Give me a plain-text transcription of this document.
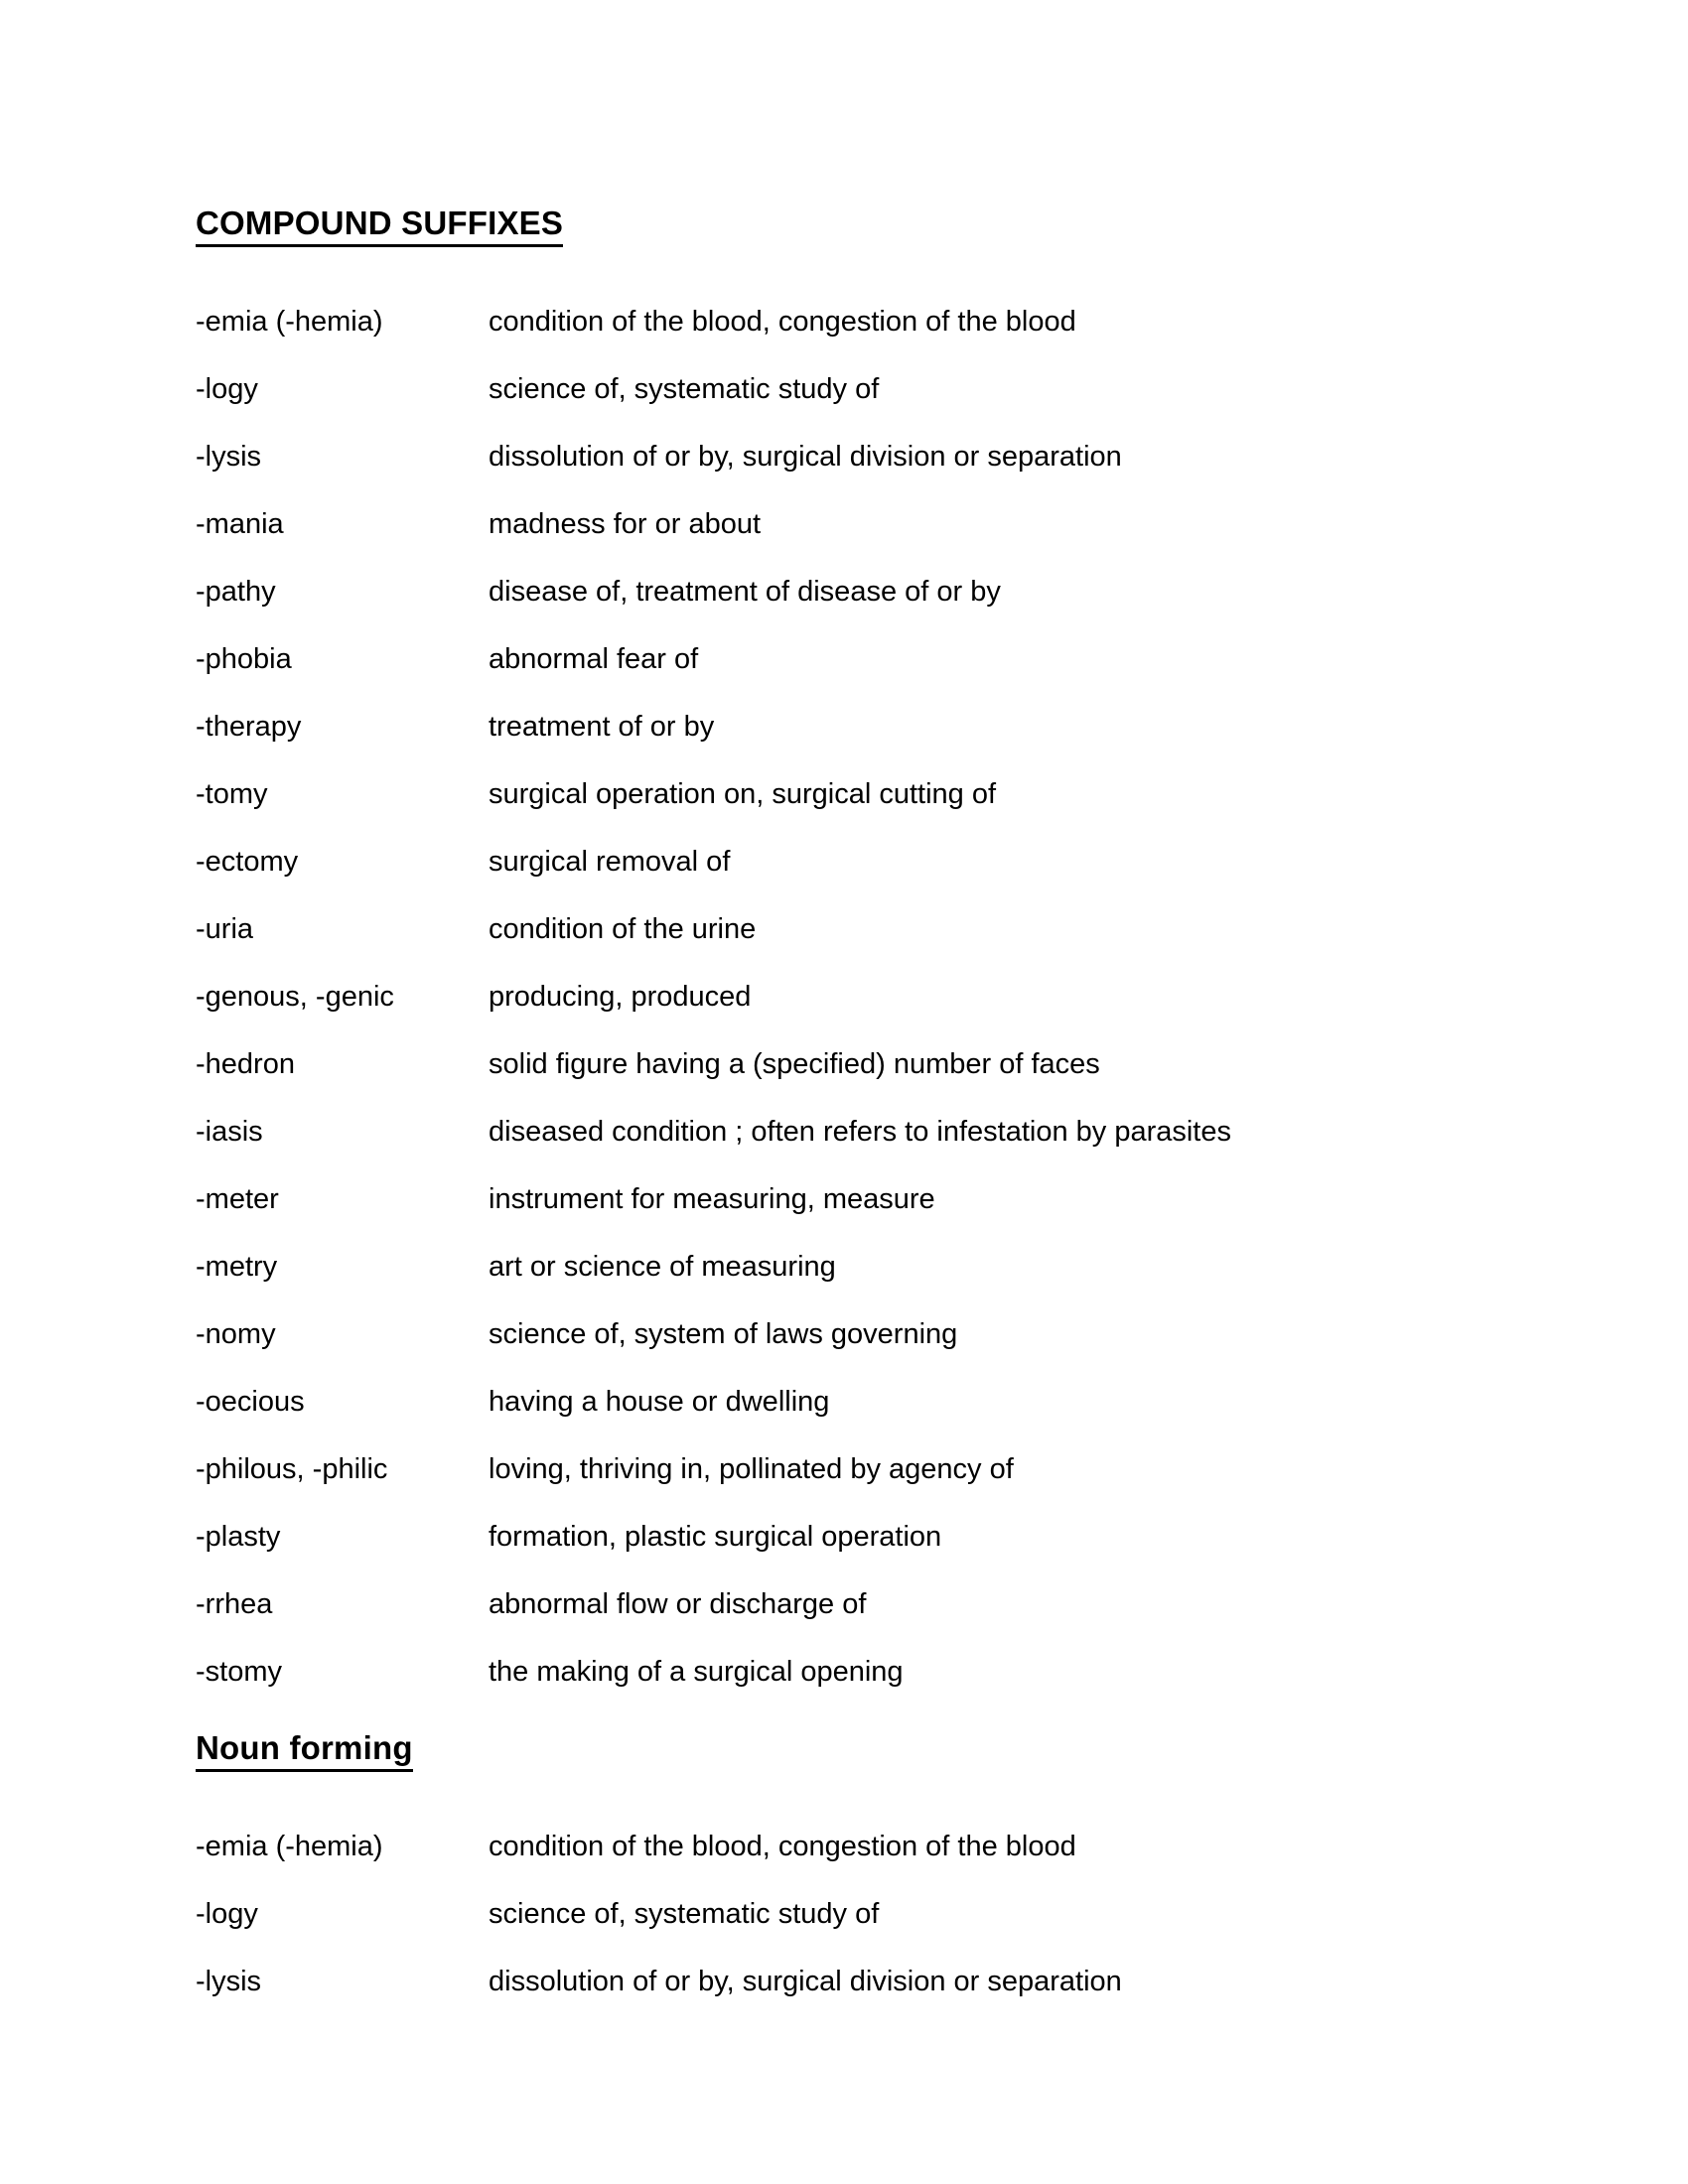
COMPOUND SUFFIXES
-emia (-hemia)	condition of the blood, congestion of the blood
-logy	science of, systematic study of
-lysis	dissolution of or by, surgical division or separation
-mania	madness for or about
-pathy	disease of, treatment of disease of or by
-phobia	abnormal fear of
-therapy	treatment of or by
-tomy	surgical operation on, surgical cutting of
-ectomy	surgical removal of
-uria	condition of the urine
-genous, -genic	producing, produced
-hedron	solid figure having a (specified) number of faces
-iasis	diseased condition ; often refers to infestation by parasites
-meter	instrument for measuring, measure
-metry	art or science of measuring
-nomy	science of, system of laws governing
-oecious	having a house or dwelling
-philous, -philic	loving, thriving in, pollinated by agency of
-plasty	formation, plastic surgical operation
-rrhea	abnormal flow or discharge of
-stomy	the making of a surgical opening
Noun forming
-emia (-hemia)	condition of the blood, congestion of the blood
-logy	science of, systematic study of
-lysis	dissolution of or by, surgical division or separation
